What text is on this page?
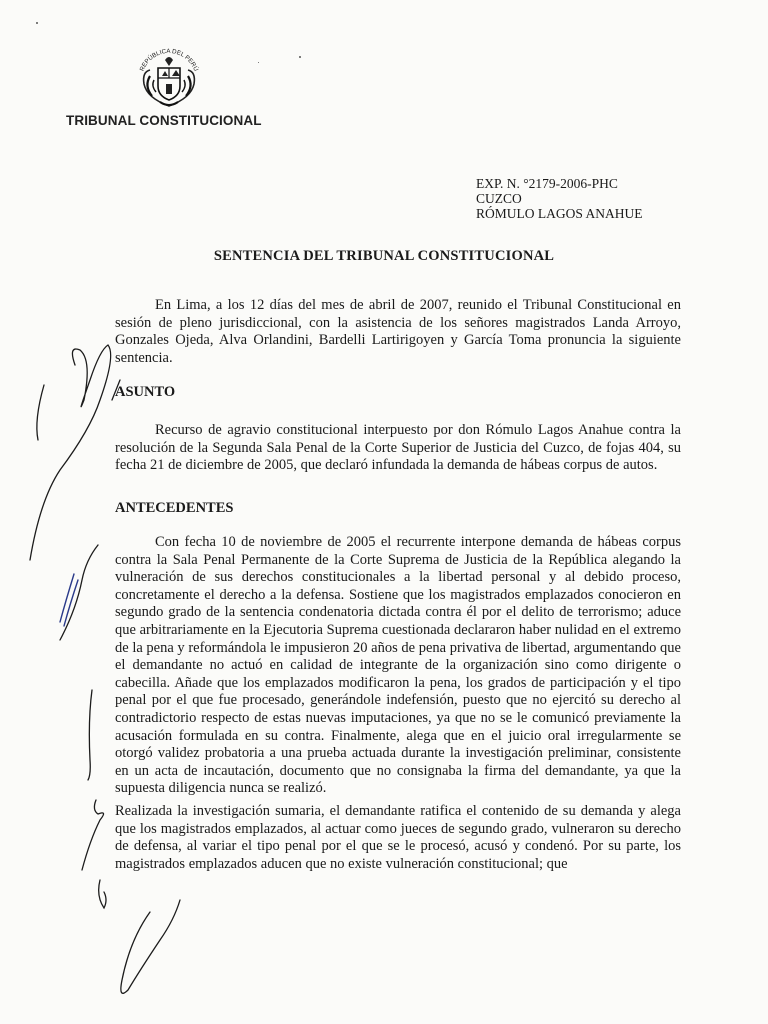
REPÚBLICA DEL PERÚ
TRIBUNAL CONSTITUCIONAL
EXP. N. °2179-2006-PHC
CUZCO
RÓMULO LAGOS ANAHUE
SENTENCIA DEL TRIBUNAL CONSTITUCIONAL

En Lima, a los 12 días del mes de abril de 2007, reunido el Tribunal Constitucional en sesión de pleno jurisdiccional, con la asistencia de los señores magistrados Landa Arroyo, Gonzales Ojeda, Alva Orlandini, Bardelli Lartirigoyen y García Toma pronuncia la siguiente sentencia.

ASUNTO

Recurso de agravio constitucional interpuesto por don Rómulo Lagos Anahue contra la resolución de la Segunda Sala Penal de la Corte Superior de Justicia del Cuzco, de fojas 404, su fecha 21 de diciembre de 2005, que declaró infundada la demanda de hábeas corpus de autos.

ANTECEDENTES

Con fecha 10 de noviembre de 2005 el recurrente interpone demanda de hábeas corpus contra la Sala Penal Permanente de la Corte Suprema de Justicia de la República alegando la vulneración de sus derechos constitucionales a la libertad personal y al debido proceso, concretamente el derecho a la defensa. Sostiene que los magistrados emplazados conocieron en segundo grado de la sentencia condenatoria dictada contra él por el delito de terrorismo; aduce que arbitrariamente en la Ejecutoria Suprema cuestionada declararon haber nulidad en el extremo de la pena y reformándola le impusieron 20 años de pena privativa de libertad, argumentando que el demandante no actuó en calidad de integrante de la organización sino como dirigente o cabecilla. Añade que los emplazados modificaron la pena, los grados de participación y el tipo penal por el que fue procesado, generándole indefensión, puesto que no ejercitó su derecho al contradictorio respecto de estas nuevas imputaciones, ya que no se le comunicó previamente la acusación formulada en su contra. Finalmente, alega que en el juicio oral irregularmente se otorgó validez probatoria a una prueba actuada durante la investigación preliminar, consistente en un acta de incautación, documento que no consignaba la firma del demandante, ya que la supuesta diligencia nunca se realizó.

Realizada la investigación sumaria, el demandante ratifica el contenido de su demanda y alega que los magistrados emplazados, al actuar como jueces de segundo grado, vulneraron su derecho de defensa, al variar el tipo penal por el que se le procesó, acusó y condenó. Por su parte, los magistrados emplazados aducen que no existe vulneración constitucional; que
